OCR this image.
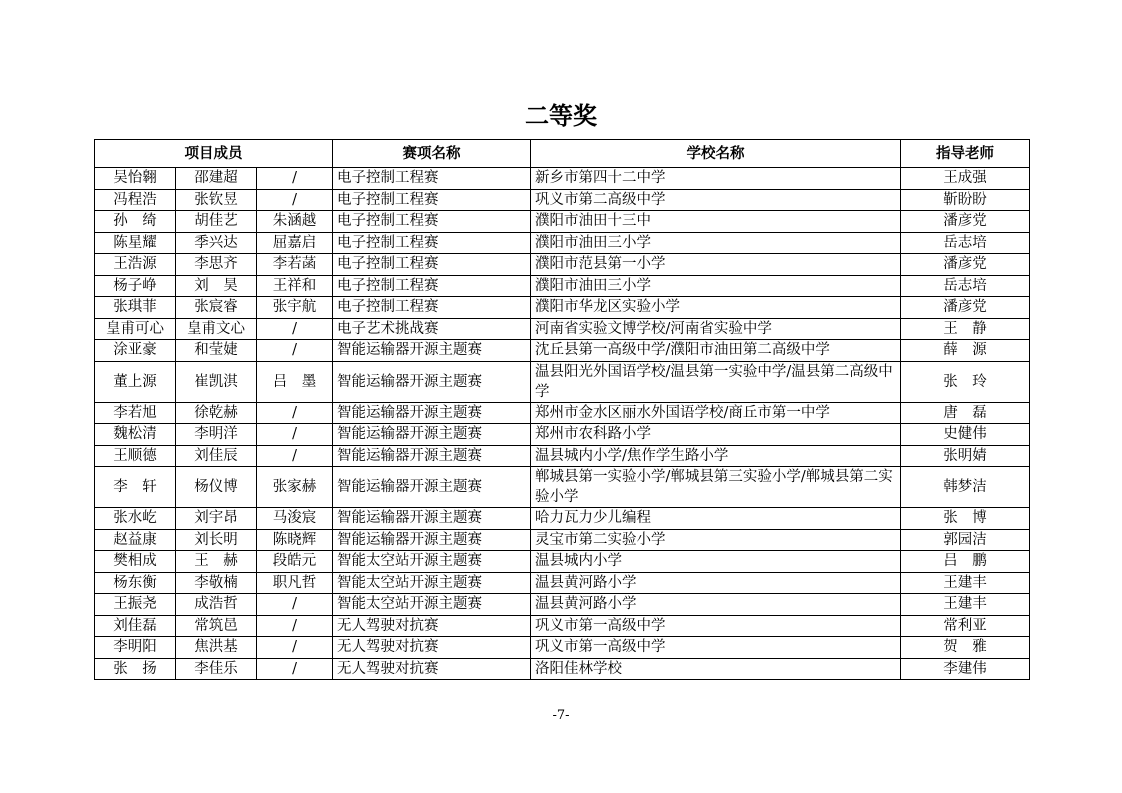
二等奖
项目成员			赛项名称	学校名称	指导老师
吴怡翱	邵建超	/	电子控制工程赛	新乡市第四十二中学	王成强
冯程浩	张钦昱	/	电子控制工程赛	巩义市第二高级中学	靳盼盼
孙　绮	胡佳艺	朱涵越	电子控制工程赛	濮阳市油田十三中	潘彦党
陈星耀	季兴达	屈嘉启	电子控制工程赛	濮阳市油田三小学	岳志培
王浩源	李思齐	李若菡	电子控制工程赛	濮阳市范县第一小学	潘彦党
杨子峥	刘　昊	王祥和	电子控制工程赛	濮阳市油田三小学	岳志培
张琪菲	张宸睿	张宇航	电子控制工程赛	濮阳市华龙区实验小学	潘彦党
皇甫可心	皇甫文心	/	电子艺术挑战赛	河南省实验文博学校/河南省实验中学	王　静
涂亚豪	和莹婕	/	智能运输器开源主题赛	沈丘县第一高级中学/濮阳市油田第二高级中学	薛　源
董上源	崔凯淇	吕　墨	智能运输器开源主题赛	温县阳光外国语学校/温县第一实验中学/温县第二高级中学	张　玲
李若旭	徐乾赫	/	智能运输器开源主题赛	郑州市金水区丽水外国语学校/商丘市第一中学	唐　磊
魏松清	李明洋	/	智能运输器开源主题赛	郑州市农科路小学	史健伟
王顺德	刘佳辰	/	智能运输器开源主题赛	温县城内小学/焦作学生路小学	张明婧
李　轩	杨仪博	张家赫	智能运输器开源主题赛	郸城县第一实验小学/郸城县第三实验小学/郸城县第二实验小学	韩梦洁
张水屹	刘宇昂	马浚宸	智能运输器开源主题赛	哈力瓦力少儿编程	张　博
赵益康	刘长明	陈晓辉	智能运输器开源主题赛	灵宝市第二实验小学	郭园洁
樊相成	王　赫	段皓元	智能太空站开源主题赛	温县城内小学	吕　鹏
杨东衡	李敬楠	职凡哲	智能太空站开源主题赛	温县黄河路小学	王建丰
王振尧	成浩哲	/	智能太空站开源主题赛	温县黄河路小学	王建丰
刘佳磊	常筑邑	/	无人驾驶对抗赛	巩义市第一高级中学	常利亚
李明阳	焦洪基	/	无人驾驶对抗赛	巩义市第一高级中学	贺　雅
张　扬	李佳乐	/	无人驾驶对抗赛	洛阳佳林学校	李建伟
-7-
